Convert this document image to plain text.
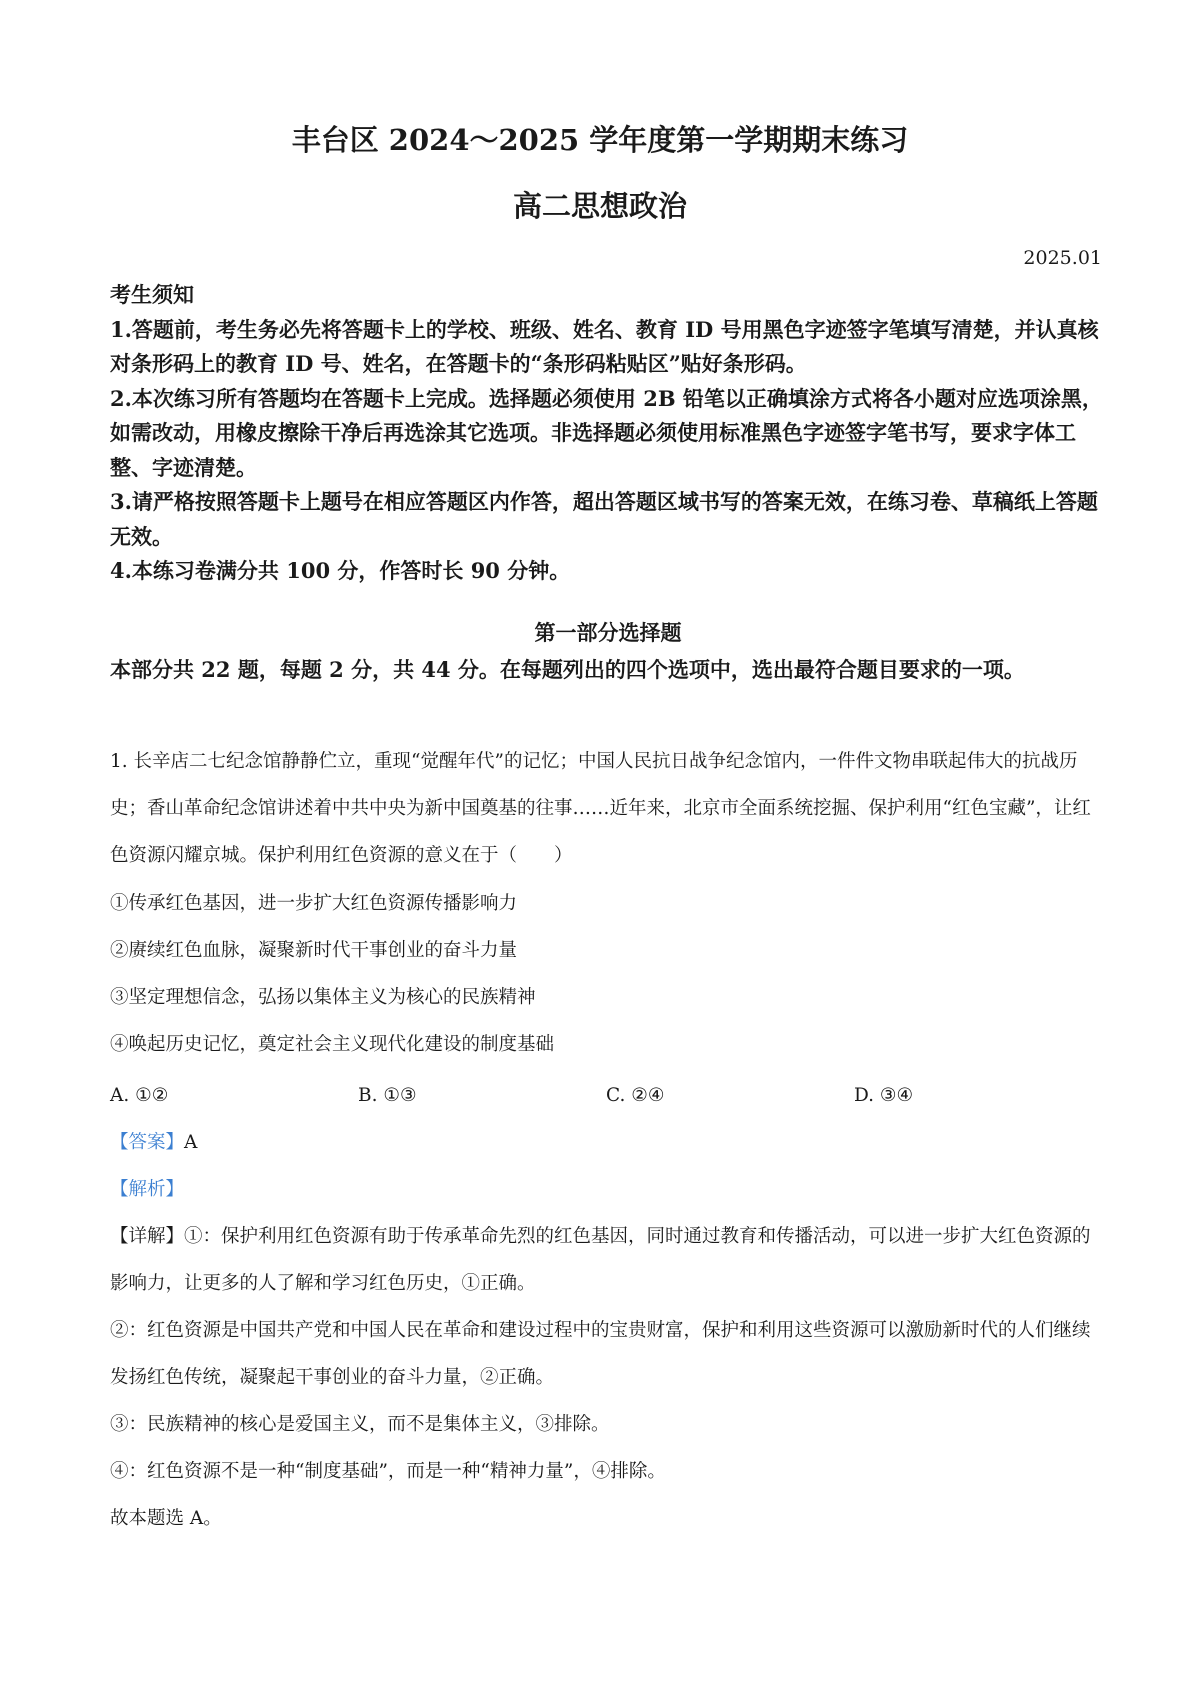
丰台区 2024～2025 学年度第一学期期末练习
高二思想政治
2025.01

考生须知

1.答题前，考生务必先将答题卡上的学校、班级、姓名、教育 ID 号用黑色字迹签字笔填写清楚，并认真核对条形码上的教育 ID 号、姓名，在答题卡的“条形码粘贴区”贴好条形码。

2.本次练习所有答题均在答题卡上完成。选择题必须使用 2B 铅笔以正确填涂方式将各小题对应选项涂黑，如需改动，用橡皮擦除干净后再选涂其它选项。非选择题必须使用标准黑色字迹签字笔书写，要求字体工整、字迹清楚。

3.请严格按照答题卡上题号在相应答题区内作答，超出答题区域书写的答案无效，在练习卷、草稿纸上答题无效。

4.本练习卷满分共 100 分，作答时长 90 分钟。

第一部分选择题

本部分共 22 题，每题 2 分，共 44 分。在每题列出的四个选项中，选出最符合题目要求的一项。

1. 长辛店二七纪念馆静静伫立，重现“觉醒年代”的记忆；中国人民抗日战争纪念馆内，一件件文物串联起伟大的抗战历史；香山革命纪念馆讲述着中共中央为新中国奠基的往事……近年来，北京市全面系统挖掘、保护利用“红色宝藏”，让红色资源闪耀京城。保护利用红色资源的意义在于（　　）

①传承红色基因，进一步扩大红色资源传播影响力

②赓续红色血脉，凝聚新时代干事创业的奋斗力量

③坚定理想信念，弘扬以集体主义为核心的民族精神

④唤起历史记忆，奠定社会主义现代化建设的制度基础

A. ①②	B. ①③	C. ②④	D. ③④
【答案】A
【解析】

【详解】①：保护利用红色资源有助于传承革命先烈的红色基因，同时通过教育和传播活动，可以进一步扩大红色资源的影响力，让更多的人了解和学习红色历史，①正确。

②：红色资源是中国共产党和中国人民在革命和建设过程中的宝贵财富，保护和利用这些资源可以激励新时代的人们继续发扬红色传统，凝聚起干事创业的奋斗力量，②正确。

③：民族精神的核心是爱国主义，而不是集体主义，③排除。

④：红色资源不是一种“制度基础”，而是一种“精神力量”，④排除。

故本题选 A。
